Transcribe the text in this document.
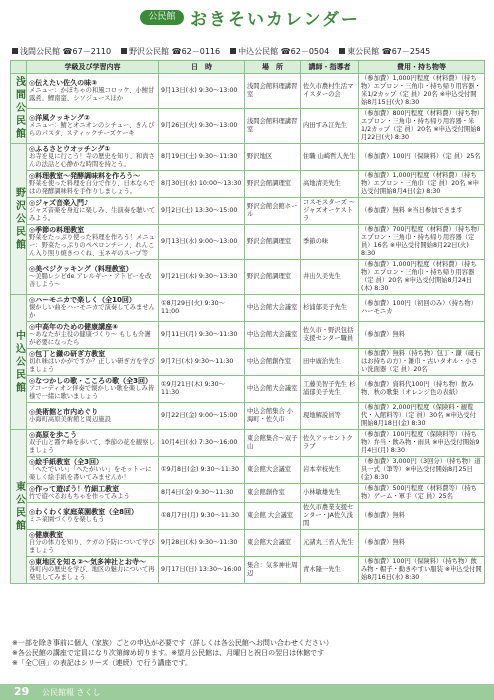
公民館 おきそいカレンダー
浅間公民館 ☎67－2110	野沢公民館 ☎62－0116	中込公民館 ☎62－0504	東公民館 ☎67－2545
	学級及び学習内容	日　時	場　所	講師・指導者	費用・持ち物等
浅間公民館	◎伝えたい佐久の味③
メニュー：かぼちゃの和風コロッケ、小鮒甘露煮、鯉南蛮、シソジュースほか	9月13日(水) 9:30～13:00	浅間会館料理講習室	佐久市農村生活マイスターの会	（参加費）1,000円程度（材料費）（持ち物）エプロン・三角巾・持ち帰り用容器・米1/2カップ（定 員）20名 ※申込受付開始8月15日(火) 8:30

	◎洋風クッキング②
メニュー：鯖とオニオンのシチュー、きんぴらのパスタ、スティックチーズケーキ	9月26日(火) 9:30～13:00	浅間会館料理講習室	内田すみ江先生	（参加費）800円程度（材料費）（持ち物）エプロン・三角巾・持ち帰り用容器・米1/2カップ（定 員）20名 ※申込受付開始8月22日(火) 8:30
野沢公民館	◎ふるさとウオッチング①
お寺を見に行こう！寺の歴史を知り、和尚さんの法話と心静かな時間を持とう。	8月19日(土) 9:30～11:30	野沢地区	住職 山崎哲人先生	（参加費）100円（保険料）（定 員）25名

	◎料理教室～発酵調味料を作ろう～
野菜を使った料理を自分で作り、日本ならではの発酵調味料を手作りしましょう。	8月30日(水) 10:00～13:30	野沢会館調理室	高地清美先生	（参加費）1,000円程度（材料費）（持ち物）エプロン・三角巾（定 員）20名 ※申込受付開始8月4日(金) 8:30

	◎ジャズ音楽入門♪
ジャズ音楽を身近に楽しみ、生演奏を聴いてみよう。	9月2日(土) 13:30～15:00	野沢会館会館ホール	コスモスターズ ～ジャズオーケストラ	（参加費）無料 ※当日参加できます

	◎季節の料理教室
野菜をたっぷり使った料理を作ろう！メニュー：野菜たっぷりのペペロンチーノ、れんこん入り照り焼きつくね、玉ネギのスープ等	9月13日(水) 9:00～13:00	野沢会館調理室	季節の味	（参加費）700円程度（材料費）（持ち物）エプロン・三角巾・持ち帰り用容器（定 員）16名 ※申込受付開始8月22日(火) 8:30

	◎美ベジクッキング（料理教室）
～美腸レシピde アレルギー・アトピーを改善しよう～	9月21日(木) 9:30～13:30	野沢会館調理室	井出久美先生	（参加費）1,000円程度（材料費）（持ち物）エプロン・三角巾・持ち帰り用容器（定 員）20名 ※申込受付開始8月24日(木) 8:30
中込公民館	◎ハーモニカで楽しく（全10回）
懐かしい曲をハーモニカで演奏してみませんか	①8月29日(火) 9:30～11:00	中込会館大会議室	杉浦郁美子先生	（参加費）100円（初回のみ）（持ち物）ハーモニカ

	◎中高年のための健康講座④
～あなたが主役の健康づくり～ もしも介護が必要になったら	9月11日(月) 9:30～11:30	中込会館大会議室	佐久市・野沢包括支援センター職員	（参加費）無料

	◎包丁と鎌の研ぎ方教室
切れ味はいかがですか？正しい研ぎ方を学びましょう	9月7日(木) 9:30～11:30	中込会館創作室	田中廣治先生	（参加費）無料（持ち物）包丁・鎌（砥石はお持ちの方）・雑巾・古いタオル・小さい洗面器（定 員）20名

	◎なつかしの歌・こころの歌（全3回）
アコーディオン伴奏で懐かしい歌を楽しみ皆様で一緒に歌いましょう	①9月21日(木) 9:30～11:30	中込会館大会議室	工藤美智子先生 杉浦郁美子先生	（参加費）資料代100円（持ち物）飲み物、秋の歌集（オレンジ色の表紙）

	◎美術館と市内めぐり
小海町高原美術館と周辺施設	9月22日(金) 9:00～15:00	中込会館集合 小海町・佐久市	現地解説員等	（参加費）2,000円程度（保険料・観覧代・入館料等）（定 員）30名 ※申込受付開始8月18日(金) 8:30
東公民館	◎高原を歩こう
双子山と霧ケ峰を歩いて、季節の花を観察しましょう	10月4日(水) 7:30～16:00	東会館集合～双子山	佐久アッセントクラブ	（参加費）100円程度（保険料等）（持ち物）弁当・飲み物・雨具 ※申込受付開始9月4日(月) 8:30

	◎絵手紙教室（全3回）
「へたでいい」「へたがいい」をモットーに楽しく絵手紙を書いてみませんか！	①9月8日(金) 9:30～11:30	東会館大会議室	岩本幸枝先生	（参加費）3,000円（3回分）（持ち物）道具一式（筆等）※申込受付開始8月25日(金) 8:30

	◎作って遊ぼう！竹細工教室
竹で遊べるおもちゃを作ってみよう	8月4日(金) 9:30～11:30	東会館創作室	小林敏雄先生	（参加費）500円程度（材料費等）（持ち物）ゲーム・軍手（定 員）25名

	◎わくわく家庭菜園教室（全8回）
ミニ菜園づくりを楽しもう	①8月7日(月) 9:30～11:30	東会館 大会議室	佐久市農業支援センター・JA佐久浅間	（参加費）無料

	◎健康教室
自分の体力を知り、ケガの予防について学びましょう	9月28日(木) 9:30～11:30	東会館大会議室	元諸丸三省人先生	（参加費）無料

	◎東地区を知る②～気多神社とお寺～
各町内の歴史を学び、地区の魅力について再発見してみましょう	9月17日(日) 13:30～16:00	集合：気多神社周辺	青木隆一先生	（参加費）100円（保険料）（持ち物）飲み物・帽子・動きやすい服装 ※申込受付開始8月16日(水) 8:30
※一部を除き事前に個人（家族）ごとの申込が必要です（詳しくは各公民館へお問い合わせください）
※各公民館の講座で定員になり次第締め切ります。※望月公民館は、月曜日と祝日の翌日は休館です
※「全〇回」の表記はシリーズ（連続）で行う講座です。
29 公民館報 さくし
